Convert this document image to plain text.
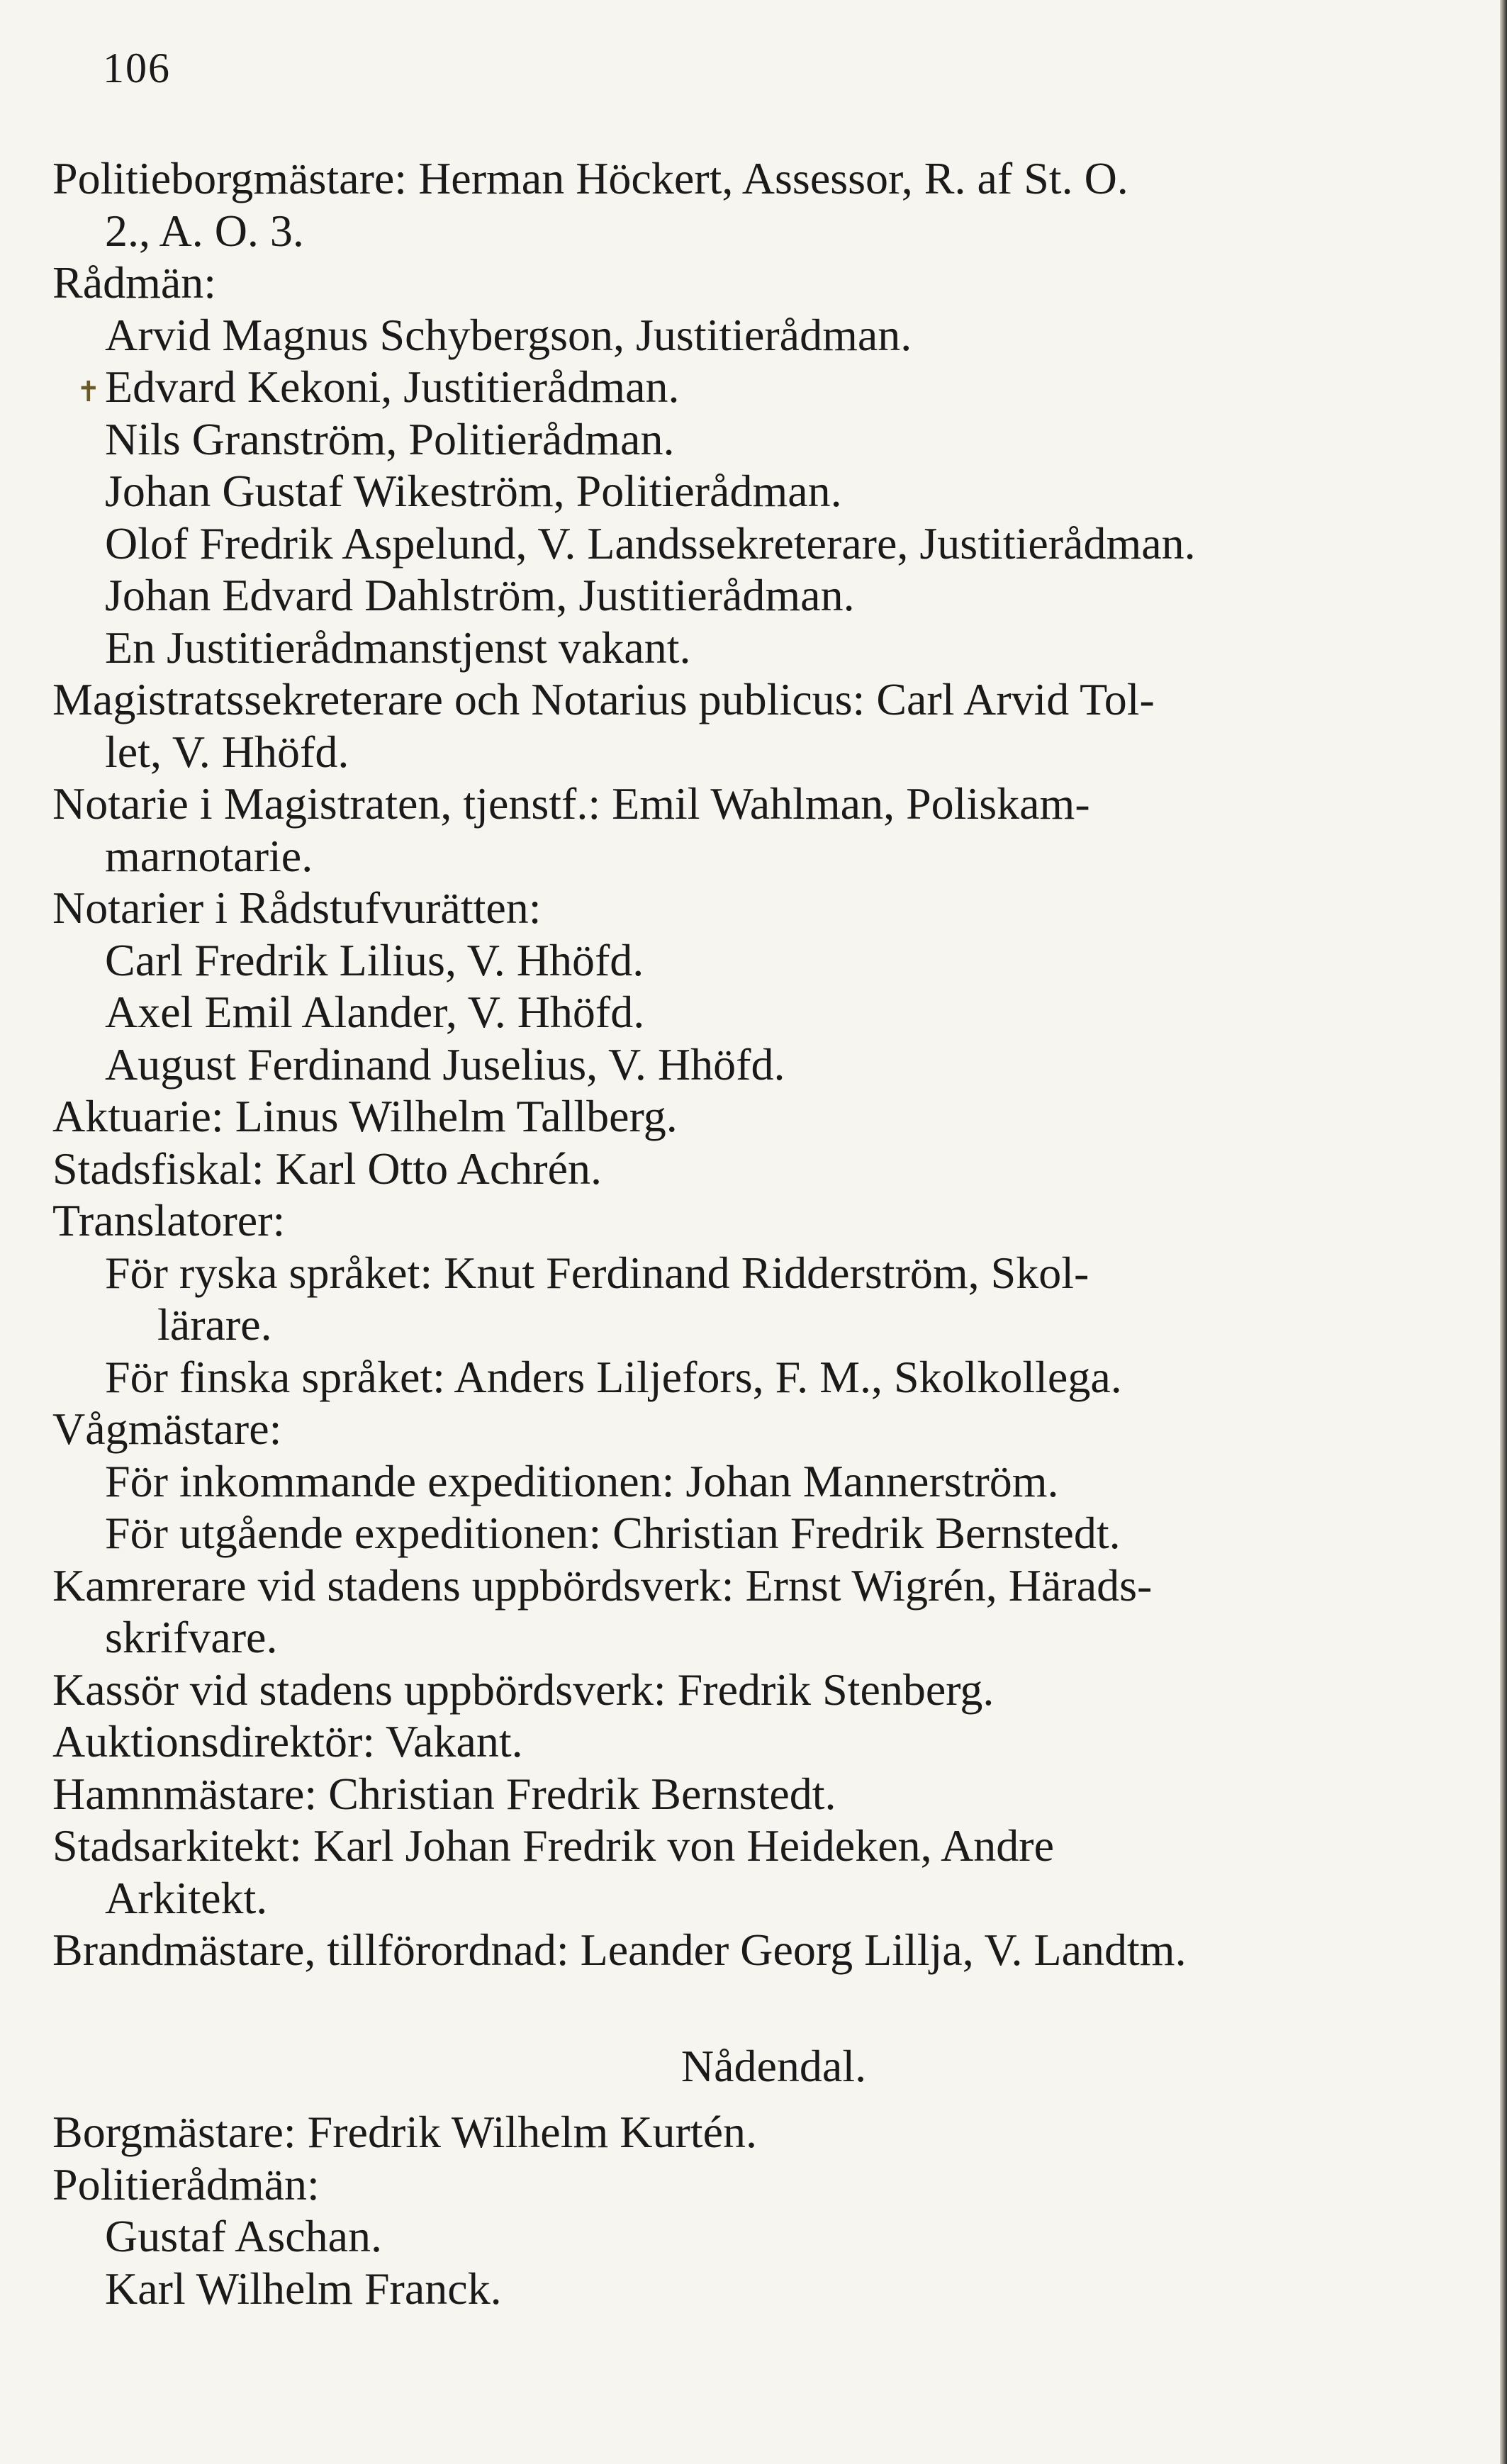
106
Politieborgmästare: Herman Höckert, Assessor, R. af St. O.
2., A. O. 3.
Rådmän:
Arvid Magnus Schybergson, Justitierådman.
✝ Edvard Kekoni, Justitierådman.
Nils Granström, Politierådman.
Johan Gustaf Wikeström, Politierådman.
Olof Fredrik Aspelund, V. Landssekreterare, Justitierådman.
Johan Edvard Dahlström, Justitierådman.
En Justitierådmanstjenst vakant.
Magistratssekreterare och Notarius publicus: Carl Arvid Tol-
let, V. Hhöfd.
Notarie i Magistraten, tjenstf.: Emil Wahlman, Poliskam-
marnotarie.
Notarier i Rådstufvurätten:
Carl Fredrik Lilius, V. Hhöfd.
Axel Emil Alander, V. Hhöfd.
August Ferdinand Juselius, V. Hhöfd.
Aktuarie: Linus Wilhelm Tallberg.
Stadsfiskal: Karl Otto Achrén.
Translatorer:
För ryska språket: Knut Ferdinand Ridderström, Skol-
lärare.
För finska språket: Anders Liljefors, F. M., Skolkollega.
Vågmästare:
För inkommande expeditionen: Johan Mannerström.
För utgående expeditionen: Christian Fredrik Bernstedt.
Kamrerare vid stadens uppbördsverk: Ernst Wigrén, Härads-
skrifvare.
Kassör vid stadens uppbördsverk: Fredrik Stenberg.
Auktionsdirektör: Vakant.
Hamnmästare: Christian Fredrik Bernstedt.
Stadsarkitekt: Karl Johan Fredrik von Heideken, Andre
Arkitekt.
Brandmästare, tillförordnad: Leander Georg Lillja, V. Landtm.
Nådendal.
Borgmästare: Fredrik Wilhelm Kurtén.
Politierådmän:
Gustaf Aschan.
Karl Wilhelm Franck.
